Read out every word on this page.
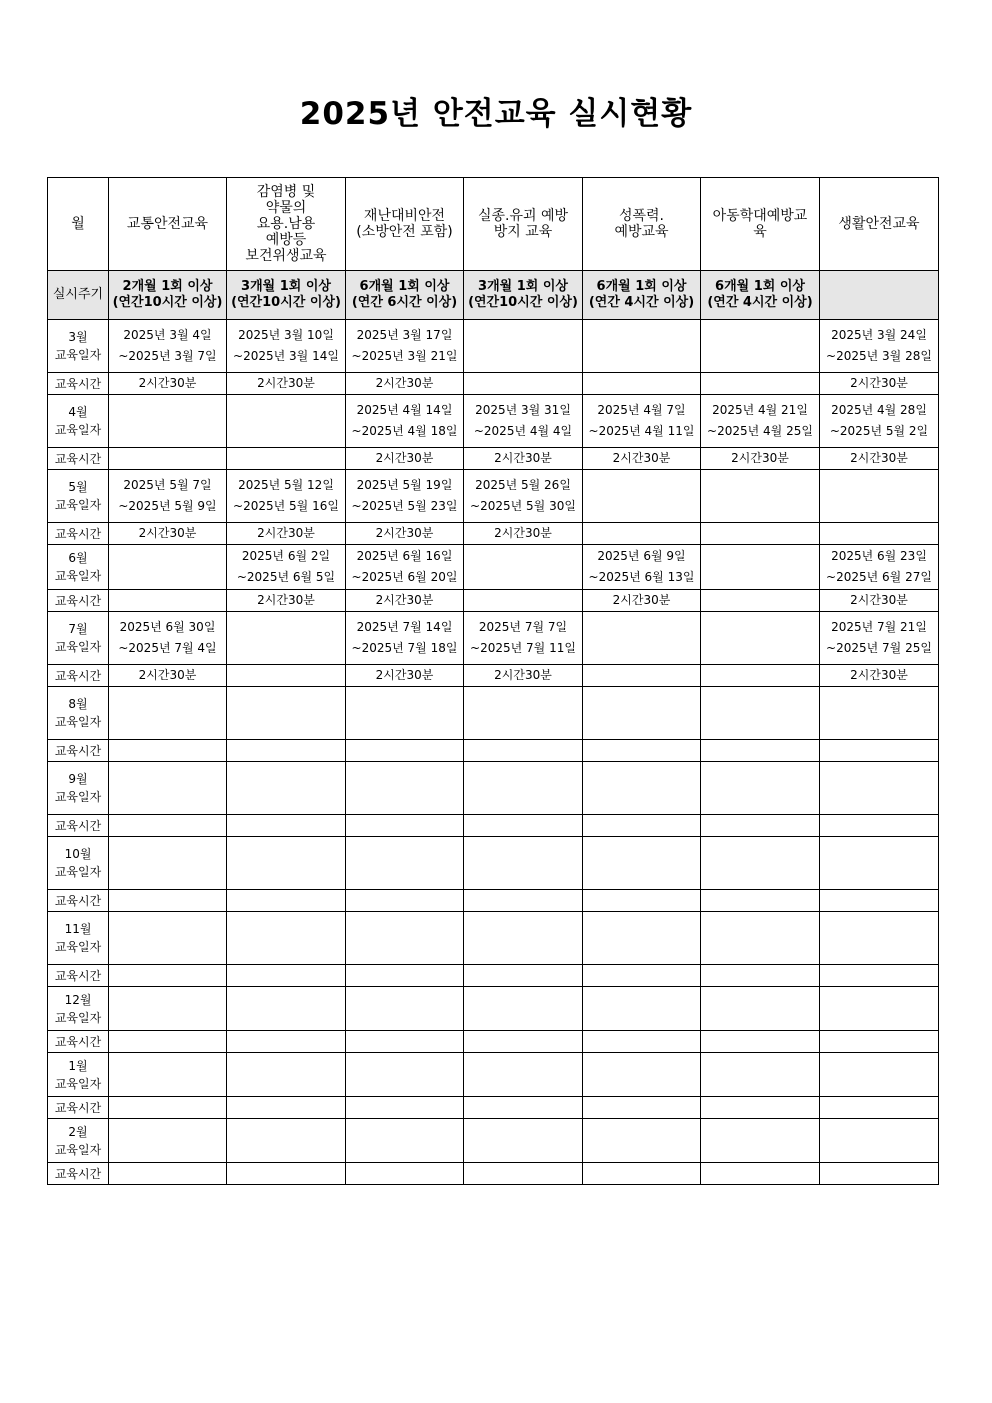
2025년 안전교육 실시현황
월	교통안전교육	감염병 및
약물의
요용.남용
예방등
보건위생교육	재난대비안전
(소방안전 포함)	실종.유괴 예방
방지 교육	성폭력.
예방교육	아동학대예방교
육	생활안전교육

실시주기	2개월 1회 이상
(연간10시간 이상)	3개월 1회 이상
(연간10시간 이상)	6개월 1회 이상
(연간 6시간 이상)	3개월 1회 이상
(연간10시간 이상)	6개월 1회 이상
(연간 4시간 이상)	6개월 1회 이상
(연간 4시간 이상)	

3월
교육일자	2025년 3월 4일
~2025년 3월 7일	2025년 3월 10일
~2025년 3월 14일	2025년 3월 17일
~2025년 3월 21일				2025년 3월 24일
~2025년 3월 28일

교육시간	2시간30분	2시간30분	2시간30분				2시간30분

4월
교육일자			2025년 4월 14일
~2025년 4월 18일	2025년 3월 31일
~2025년 4월 4일	2025년 4월 7일
~2025년 4월 11일	2025년 4월 21일
~2025년 4월 25일	2025년 4월 28일
~2025년 5월 2일

교육시간			2시간30분	2시간30분	2시간30분	2시간30분	2시간30분

5월
교육일자	2025년 5월 7일
~2025년 5월 9일	2025년 5월 12일
~2025년 5월 16일	2025년 5월 19일
~2025년 5월 23일	2025년 5월 26일
~2025년 5월 30일			

교육시간	2시간30분	2시간30분	2시간30분	2시간30분			

6월
교육일자		2025년 6월 2일
~2025년 6월 5일	2025년 6월 16일
~2025년 6월 20일		2025년 6월 9일
~2025년 6월 13일		2025년 6월 23일
~2025년 6월 27일

교육시간		2시간30분	2시간30분		2시간30분		2시간30분

7월
교육일자	2025년 6월 30일
~2025년 7월 4일		2025년 7월 14일
~2025년 7월 18일	2025년 7월 7일
~2025년 7월 11일			2025년 7월 21일
~2025년 7월 25일

교육시간	2시간30분		2시간30분	2시간30분			2시간30분

8월
교육일자							

교육시간							

9월
교육일자							

교육시간							

10월
교육일자							

교육시간							

11월
교육일자							

교육시간							

12월
교육일자							

교육시간							

1월
교육일자							

교육시간							

2월
교육일자							

교육시간							
